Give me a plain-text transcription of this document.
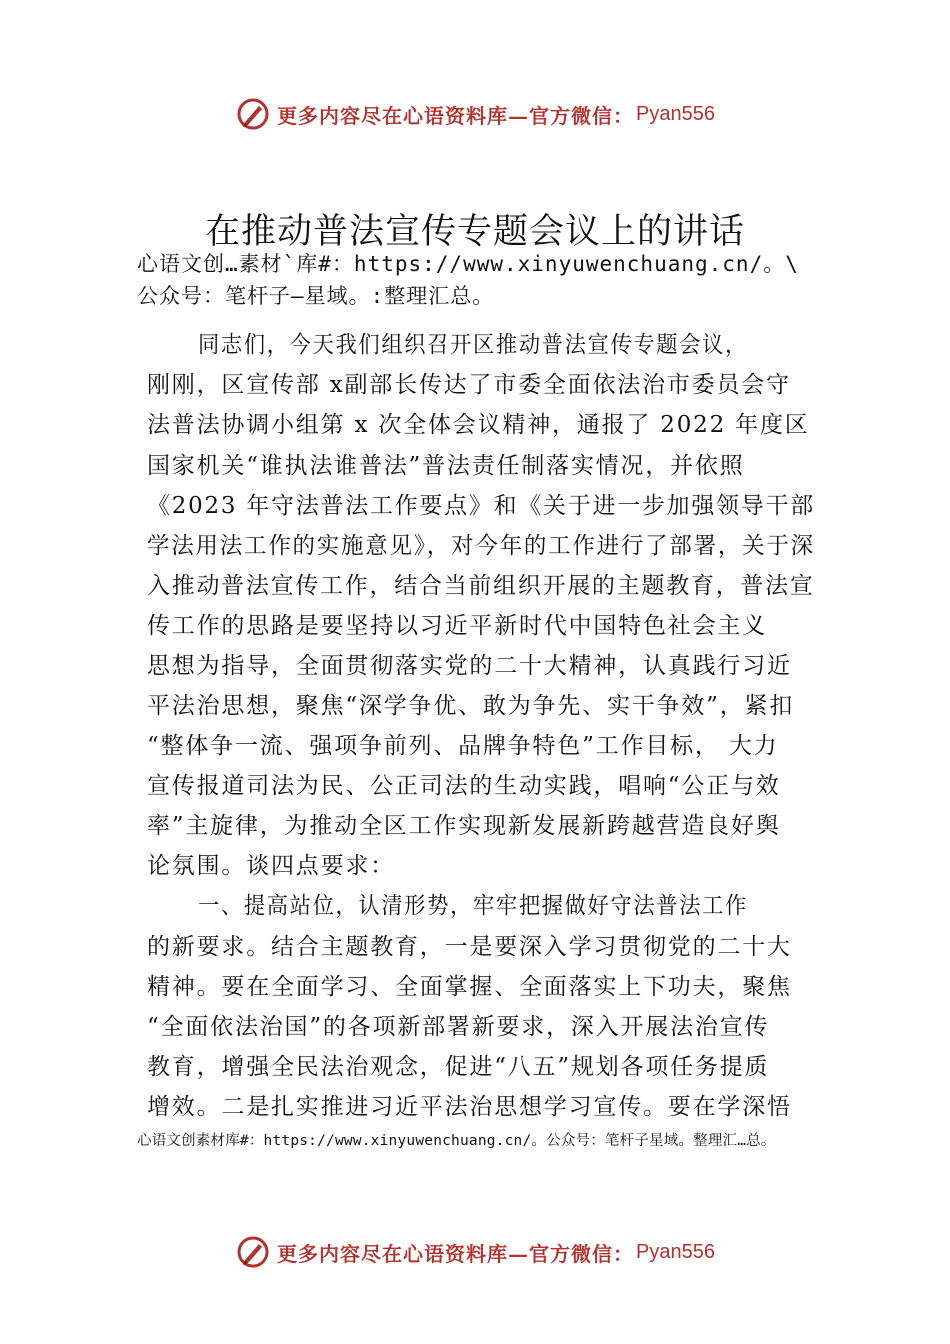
更多内容尽在心语资料库—官方微信： Pyan556
在推动普法宣传专题会议上的讲话
心语文创…素材`库#：https://www.xinyuwenchuang.cn/。\
公众号：笔杆子—星域。:整理汇总。
同志们，今天我们组织召开区推动普法宣传专题会议，
刚刚，区宣传部 x副部长传达了市委全面依法治市委员会守
法普法协调小组第 x 次全体会议精神，通报了 2022 年度区
国家机关“谁执法谁普法”普法责任制落实情况，并依照
《2023 年守法普法工作要点》和《关于进一步加强领导干部
学法用法工作的实施意见》，对今年的工作进行了部署，关于深
入推动普法宣传工作，结合当前组织开展的主题教育，普法宣
传工作的思路是要坚持以习近平新时代中国特色社会主义
思想为指导，全面贯彻落实党的二十大精神，认真践行习近
平法治思想，聚焦“深学争优、敢为争先、实干争效”，紧扣
“整体争一流、强项争前列、品牌争特色”工作目标， 大力
宣传报道司法为民、公正司法的生动实践，唱响“公正与效
率”主旋律，为推动全区工作实现新发展新跨越营造良好舆
论氛围。谈四点要求：
一、提高站位，认清形势，牢牢把握做好守法普法工作
的新要求。结合主题教育，一是要深入学习贯彻党的二十大
精神。要在全面学习、全面掌握、全面落实上下功夫，聚焦
“全面依法治国”的各项新部署新要求，深入开展法治宣传
教育，增强全民法治观念，促进“八五”规划各项任务提质
增效。二是扎实推进习近平法治思想学习宣传。要在学深悟
心语文创素材库#：https://www.xinyuwenchuang.cn/。公众号：笔杆子星域。整理汇…总。
更多内容尽在心语资料库—官方微信： Pyan556
